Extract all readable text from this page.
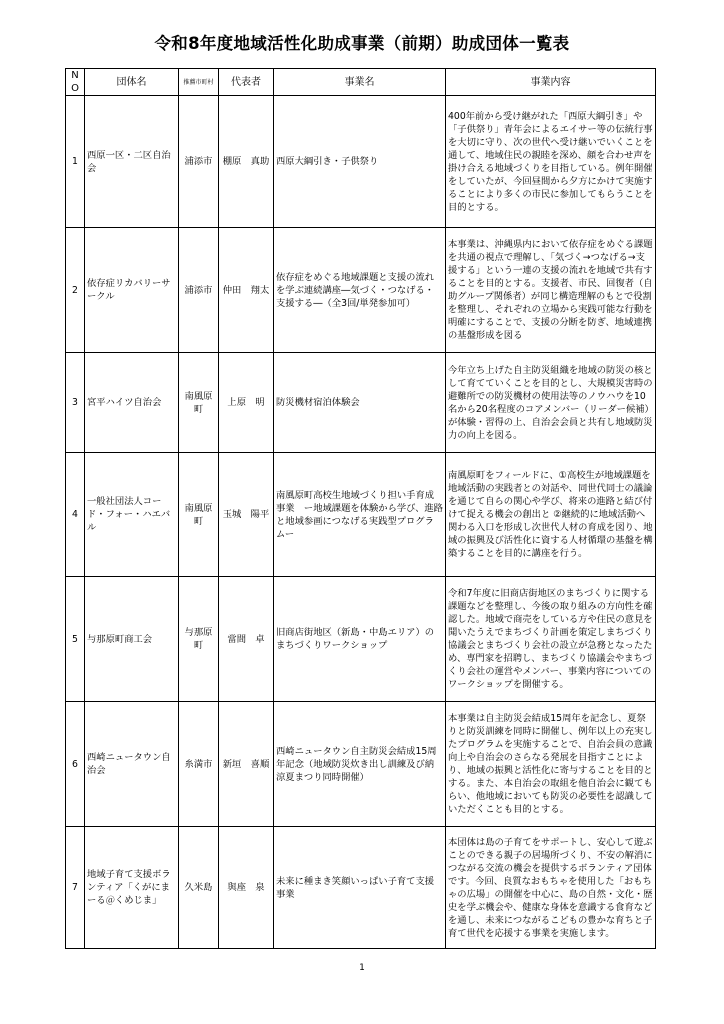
令和8年度地域活性化助成事業（前期）助成団体一覧表
NO	団体名	推薦市町村	代表者	事業名	事業内容
1	西原一区・二区自治会	浦添市	棚原　真助	西原大綱引き・子供祭り	400年前から受け継がれた「西原大綱引き」や「子供祭り」青年会によるエイサー等の伝統行事を大切に守り、次の世代へ受け継いでいくことを通して、地域住民の親睦を深め、顔を合わせ声を掛け合える地域づくりを目指している。例年開催をしていたが、今回昼間から夕方にかけて実施することにより多くの市民に参加してもらうことを目的とする。
2	依存症リカバリーサークル	浦添市	仲田　翔太	依存症をめぐる地域課題と支援の流れを学ぶ連続講座―気づく・つなげる・支援する―（全3回/単発参加可）	本事業は、沖縄県内において依存症をめぐる課題を共通の視点で理解し、「気づく→つなげる→支援する」という一連の支援の流れを地域で共有することを目的とする。支援者、市民、回復者（自助グループ関係者）が同じ構造理解のもとで役割を整理し、それぞれの立場から実践可能な行動を明確にすることで、支援の分断を防ぎ、地域連携の基盤形成を図る
3	宮平ハイツ自治会	南風原町	上原　明	防災機材宿泊体験会	今年立ち上げた自主防災組織を地域の防災の核として育てていくことを目的とし、大規模災害時の避難所での防災機材の使用法等のノウハウを10名から20名程度のコアメンバー（リーダー候補）が体験・習得の上、自治会会員と共有し地域防災力の向上を図る。
4	一般社団法人コード・フォー・ハエバル	南風原町	玉城　陽平	南風原町高校生地域づくり担い手育成事業　ー地域課題を体験から学び、進路と地域参画につなげる実践型プログラムー	南風原町をフィールドに、①高校生が地域課題を地域活動の実践者との対話や、同世代同士の議論を通じて自らの関心や学び、将来の進路と結び付けて捉える機会の創出と ②継続的に地域活動へ関わる入口を形成し次世代人材の育成を図り、地域の振興及び活性化に資する人材循環の基盤を構築することを目的に講座を行う。
5	与那原町商工会	与那原町	當間　卓	旧商店街地区（新島・中島エリア）のまちづくりワークショップ	令和7年度に旧商店街地区のまちづくりに関する課題などを整理し、今後の取り組みの方向性を確認した。地域で商売をしている方や住民の意見を聞いたうえでまちづくり計画を策定しまちづくり協議会とまちづくり会社の設立が急務となったため、専門家を招聘し、まちづくり協議会やまちづくり会社の運営やメンバー、事業内容についてのワークショップを開催する。
6	西崎ニュータウン自治会	糸満市	新垣　喜順	西崎ニュータウン自主防災会結成15周年記念（地域防災炊き出し訓練及び納涼夏まつり同時開催）	本事業は自主防災会結成15周年を記念し、夏祭りと防災訓練を同時に開催し、例年以上の充実したプログラムを実施することで、自治会員の意識向上や自治会のさらなる発展を目指すことにより、地域の振興と活性化に寄与することを目的とする。また、本自治会の取組を他自治会に観てもらい、他地域においても防災の必要性を認識していただくことも目的とする。
7	地域子育て支援ボランティア「くがにまーる＠くめじま」	久米島	與座　泉	未来に種まき笑顔いっぱい子育て支援事業	本団体は島の子育てをサポートし、安心して遊ぶことのできる親子の居場所づくり、不安の解消につながる交流の機会を提供するボランティア団体です。今回、良質なおもちゃを使用した「おもちゃの広場」の開催を中心に、島の自然・文化・歴史を学ぶ機会や、健康な身体を意識する食育などを通し、未来につながるこどもの豊かな育ちと子育て世代を応援する事業を実施します。
1
